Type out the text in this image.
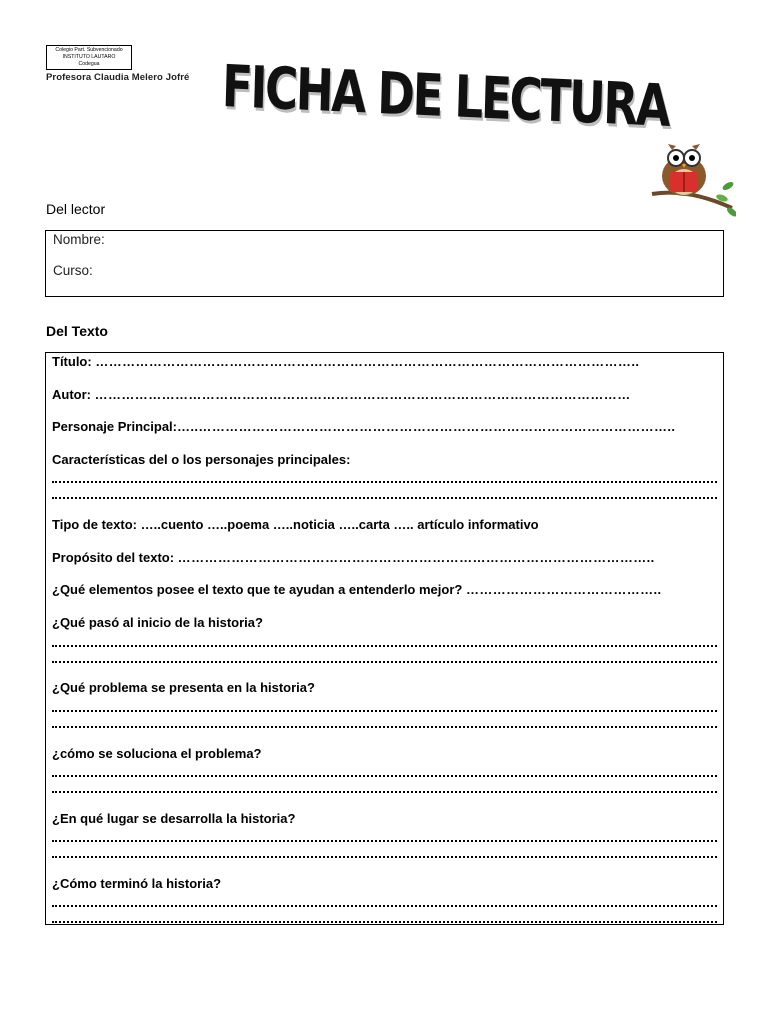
Colegio Part. Subvencionado
INSTITUTO LAUTARO
Codegua
Profesora Claudia Melero Jofré FICHA DE LECTURA
Del lector
Nombre:
Curso:
Del Texto
Título: …………………………………………………………………………………………………………..
Autor: …………………………………………………………………………………………………………
Personaje Principal:…..……………………………………………………………………………………………..
Características del o los personajes principales:
Tipo de texto: …..cuento …..poema …..noticia …..carta ….. artículo informativo
Propósito del texto: ……………………………………………………………………………………………..
¿Qué elementos posee el texto que te ayudan a entenderlo mejor? ……………………………………..
¿Qué pasó al inicio de la historia?
¿Qué problema se presenta en la historia?
¿cómo se soluciona el problema?
¿En qué lugar se desarrolla la historia?
¿Cómo terminó la historia?
